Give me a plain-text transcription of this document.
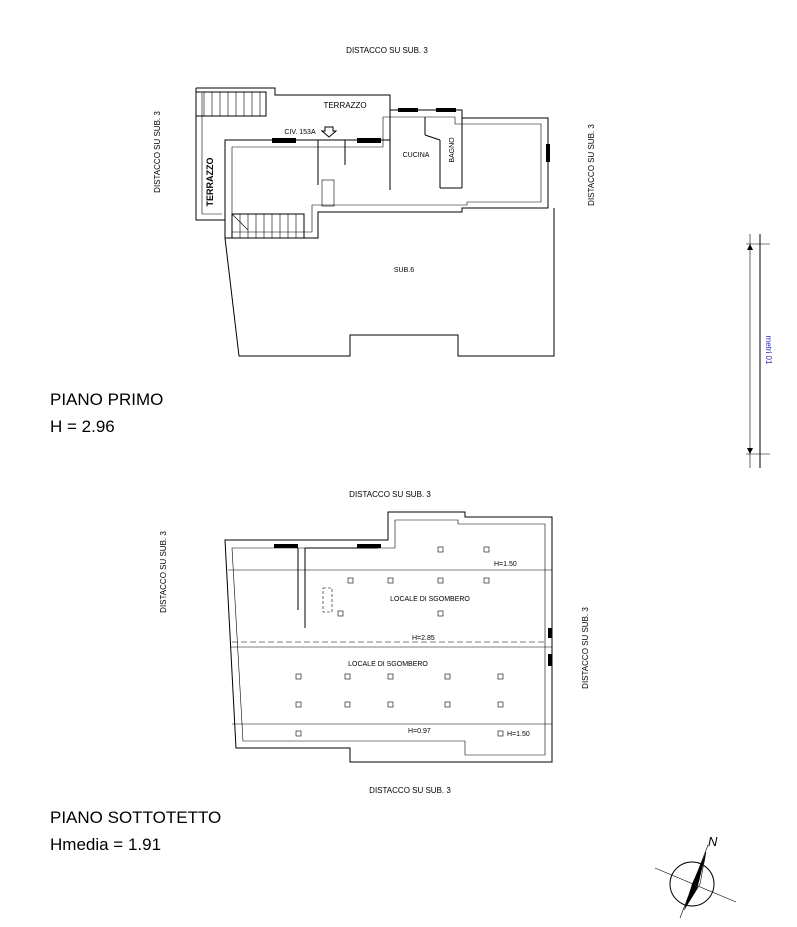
DISTACCO SU SUB. 3
DISTACCO SU SUB. 3	DISTACCO SU SUB. 3
TERRAZZO
TERRAZZO
CIV. 153A
CUCINA	BAGNO
SUB.6
PIANO PRIMO
H = 2.96
metri 01
DISTACCO SU SUB. 3
DISTACCO SU SUB. 3
DISTACCO SU SUB. 3
DISTACCO SU SUB. 3
LOCALE DI SGOMBERO
LOCALE DI SGOMBERO
H=1.50
H=2.85
H=0.97	H=1.50
PIANO SOTTOTETTO
Hmedia = 1.91	N
